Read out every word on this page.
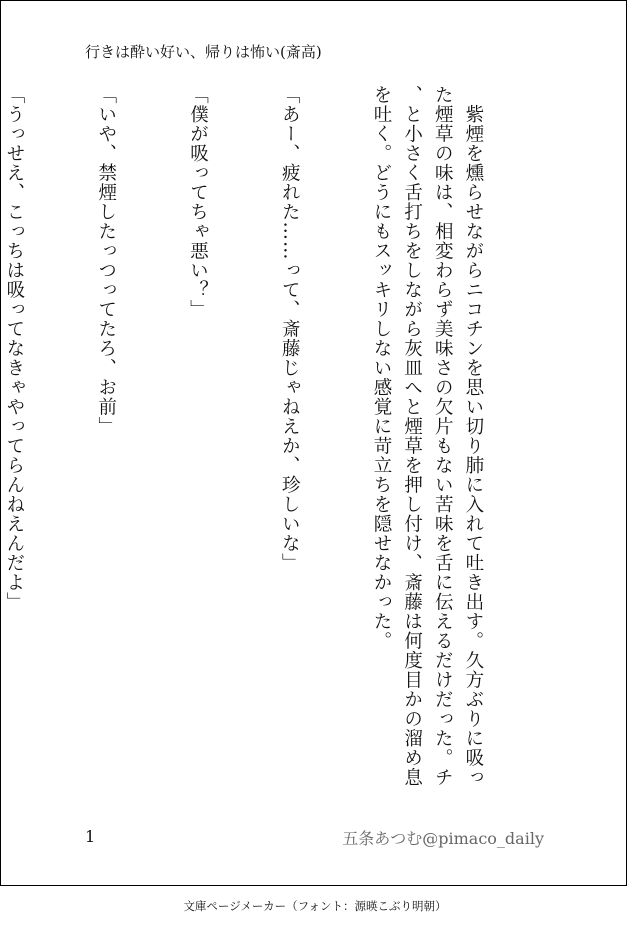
行きは酔い好い、帰りは怖い(斎高)

　紫煙を燻らせながらニコチンを思い切り肺に入れて吐き出す。久方ぶりに吸っ
た煙草の味は、相変わらず美味さの欠片もない苦味を舌に伝えるだけだった。チ
、と小さく舌打ちをしながら灰皿へと煙草を押し付け、斎藤は何度目かの溜め息
を吐く。どうにもスッキリしない感覚に苛立ちを隠せなかった。

「あー、疲れた……って、斎藤じゃねえか、珍しいな」

「僕が吸ってちゃ悪い？」

「いや、禁煙したっつってたろ、お前」

「うっせえ、こっちは吸ってなきゃやってらんねえんだよ」

1	五条あつむ@pimaco_daily
文庫ページメーカー（フォント：源暎こぶり明朝）
